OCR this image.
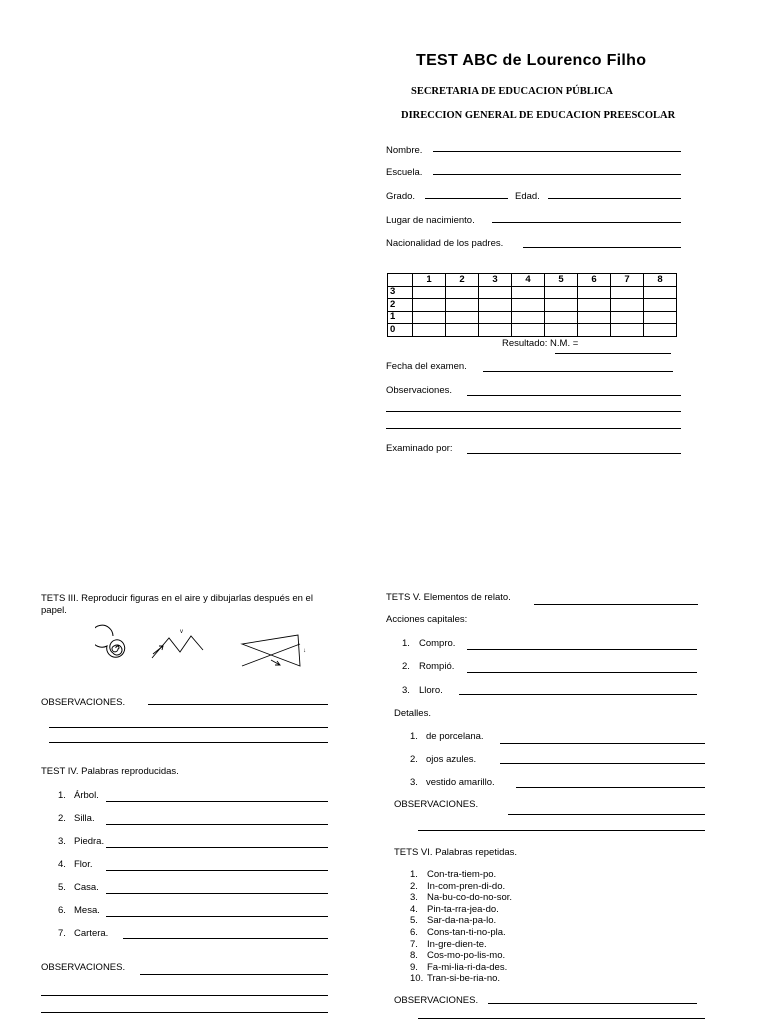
TEST ABC de Lourenco Filho
SECRETARIA DE EDUCACION PÚBLICA
DIRECCION GENERAL DE EDUCACION PREESCOLAR
Nombre.
Escuela.
Grado.	Edad.
Lugar de nacimiento.
Nacionalidad de los padres.
	1	2	3	4	5	6	7	8
3								
2								
1								
0								
Resultado: N.M. =
Fecha del examen.
Observaciones.
Examinado por:
TETS III. Reproducir figuras en el aire y dibujarlas después en el papel.
v
↓
OBSERVACIONES.
TEST IV. Palabras reproducidas.
1. Árbol.
2. Silla.
3. Piedra.
4. Flor.
5. Casa.
6. Mesa.
7. Cartera.
OBSERVACIONES.
TETS V. Elementos de relato.
Acciones capitales:
1. Compro.
2. Rompió.
3. Lloro.
Detalles.
1. de porcelana.
2. ojos azules.
3. vestido amarillo.
OBSERVACIONES.
TETS VI. Palabras repetidas.
1. Con-tra-tiem-po.
2. In-com-pren-di-do.
3. Na-bu-co-do-no-sor.
4. Pin-ta-rra-jea-do.
5. Sar-da-na-pa-lo.
6. Cons-tan-ti-no-pla.
7. In-gre-dien-te.
8. Cos-mo-po-lis-mo.
9. Fa-mi-lia-ri-da-des.
10. Tran-si-be-ria-no.
OBSERVACIONES.
